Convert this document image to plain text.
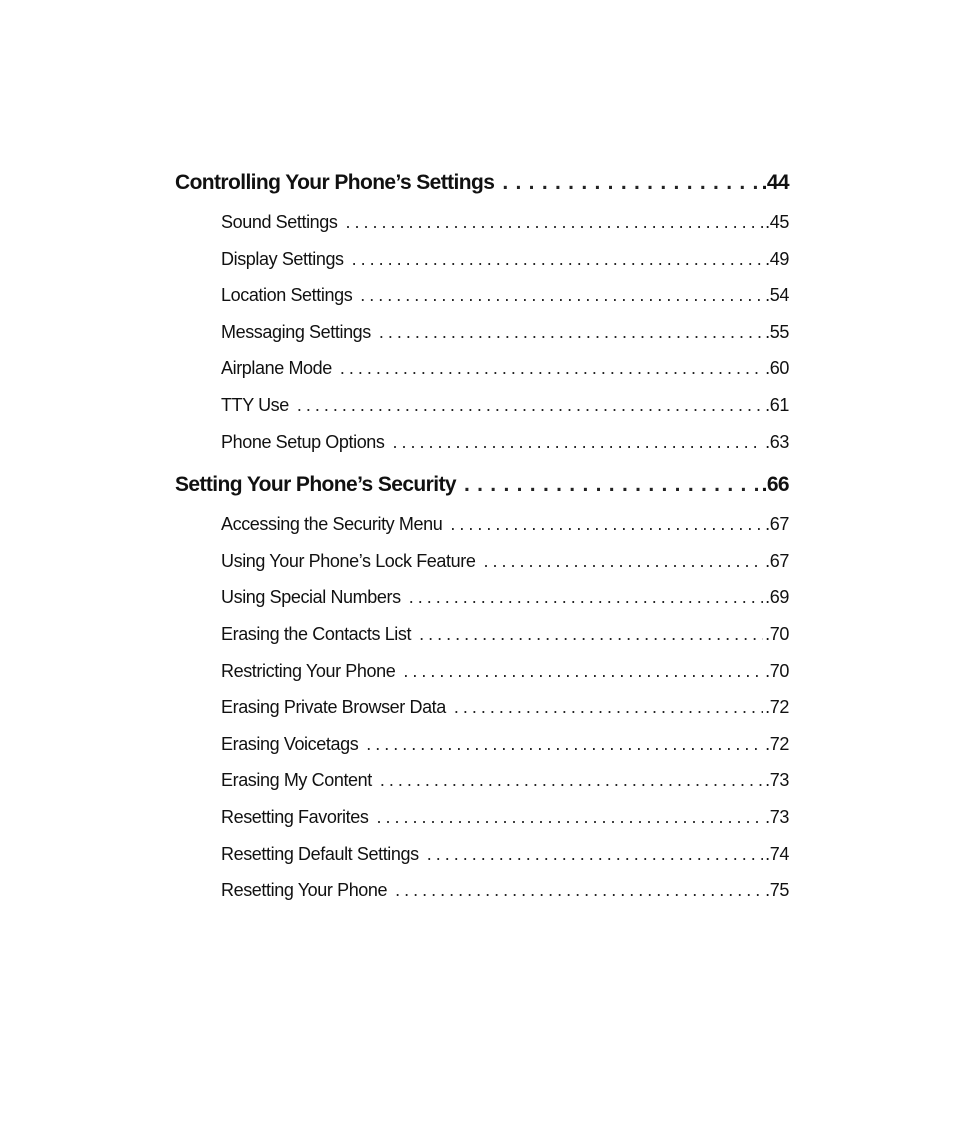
Controlling Your Phone’s Settings . . .	.44
Sound Settings . . .	.45
Display Settings . . .	.49
Location Settings . . .	.54
Messaging Settings . . .	.55
Airplane Mode . . .	.60
TTY Use . . .	.61
Phone Setup Options . . .	.63
Setting Your Phone’s Security . . .	.66
Accessing the Security Menu . . .	.67
Using Your Phone’s Lock Feature . . .	.67
Using Special Numbers . . .	.69
Erasing the Contacts List . . .	.70
Restricting Your Phone . . .	.70
Erasing Private Browser Data . . .	.72
Erasing Voicetags . . .	.72
Erasing My Content . . .	.73
Resetting Favorites . . .	.73
Resetting Default Settings . . .	.74
Resetting Your Phone . . .	.75
